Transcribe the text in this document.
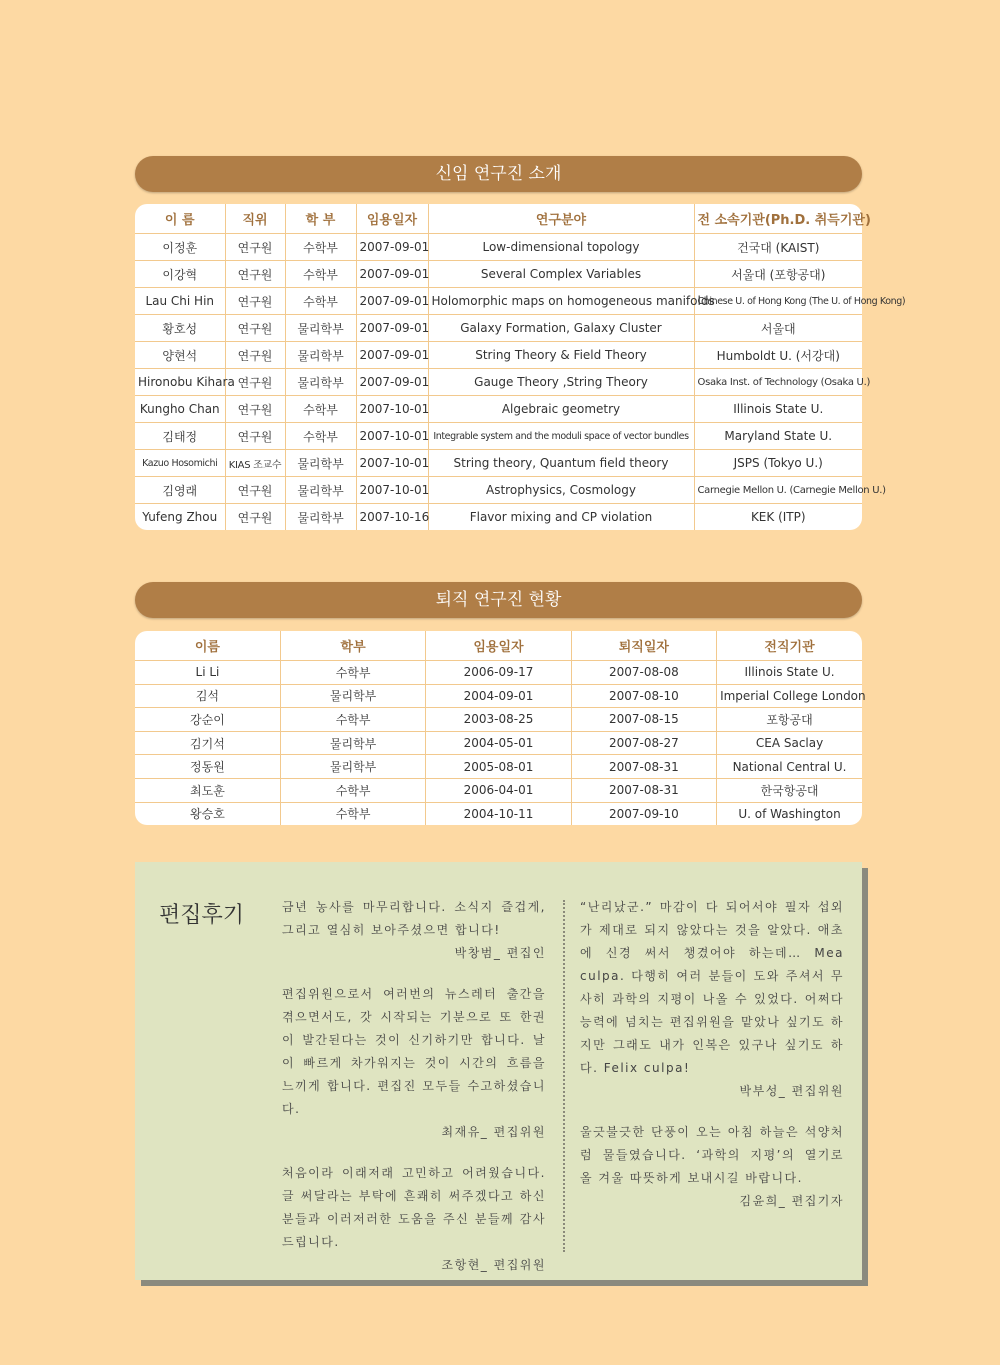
신임 연구진 소개
이 름	직위	학 부	임용일자	연구분야	전 소속기관(Ph.D. 취득기관)
이정훈	연구원	수학부	2007-09-01	Low-dimensional topology	건국대 (KAIST)
이강혁	연구원	수학부	2007-09-01	Several Complex Variables	서울대 (포항공대)
Lau Chi Hin	연구원	수학부	2007-09-01	Holomorphic maps on homogeneous manifolds	Chinese U. of Hong Kong (The U. of Hong Kong)
황호성	연구원	물리학부	2007-09-01	Galaxy Formation, Galaxy Cluster	서울대
양현석	연구원	물리학부	2007-09-01	String Theory & Field Theory	Humboldt U. (서강대)
Hironobu Kihara	연구원	물리학부	2007-09-01	Gauge Theory ,String Theory	Osaka Inst. of Technology (Osaka U.)
Kungho Chan	연구원	수학부	2007-10-01	Algebraic geometry	Illinois State U.
김태정	연구원	수학부	2007-10-01	Integrable system and the moduli space of vector bundles	Maryland State U.
Kazuo Hosomichi	KIAS 조교수	물리학부	2007-10-01	String theory, Quantum field theory	JSPS (Tokyo U.)
김영래	연구원	물리학부	2007-10-01	Astrophysics, Cosmology	Carnegie Mellon U. (Carnegie Mellon U.)
Yufeng Zhou	연구원	물리학부	2007-10-16	Flavor mixing and CP violation	KEK (ITP)
퇴직 연구진 현황
이름	학부	임용일자	퇴직일자	전직기관
Li Li	수학부	2006-09-17	2007-08-08	Illinois State U.
김석	물리학부	2004-09-01	2007-08-10	Imperial College London
강순이	수학부	2003-08-25	2007-08-15	포항공대
김기석	물리학부	2004-05-01	2007-08-27	CEA Saclay
정동원	물리학부	2005-08-01	2007-08-31	National Central U.
최도훈	수학부	2006-04-01	2007-08-31	한국항공대
왕승호	수학부	2004-10-11	2007-09-10	U. of Washington
편집후기	금년 농사를 마무리합니다. 소식지 즐겁게, 그리고 열심히 보아주셨으면 합니다!

박창범_ 편집인

편집위원으로서 여러번의 뉴스레터 출간을 겪으면서도, 갓 시작되는 기분으로 또 한권이 발간된다는 것이 신기하기만 합니다. 날이 빠르게 차가워지는 것이 시간의 흐름을 느끼게 합니다. 편집진 모두들 수고하셨습니다.

최재유_ 편집위원

처음이라 이래저래 고민하고 어려웠습니다. 글 써달라는 부탁에 흔쾌히 써주겠다고 하신 분들과 이러저러한 도움을 주신 분들께 감사드립니다.

조항현_ 편집위원

“난리났군.” 마감이 다 되어서야 필자 섭외가 제대로 되지 않았다는 것을 알았다. 애초에 신경 써서 챙겼어야 하는데… Mea culpa. 다행히 여러 분들이 도와 주셔서 무사히 과학의 지평이 나올 수 있었다. 어쩌다 능력에 넘치는 편집위원을 맡았나 싶기도 하지만 그래도 내가 인복은 있구나 싶기도 하다. Felix culpa!

박부성_ 편집위원

울긋불긋한 단풍이 오는 아침 하늘은 석양처럼 물들였습니다. ‘과학의 지평’의 열기로 올 겨울 따뜻하게 보내시길 바랍니다.

김윤희_ 편집기자
